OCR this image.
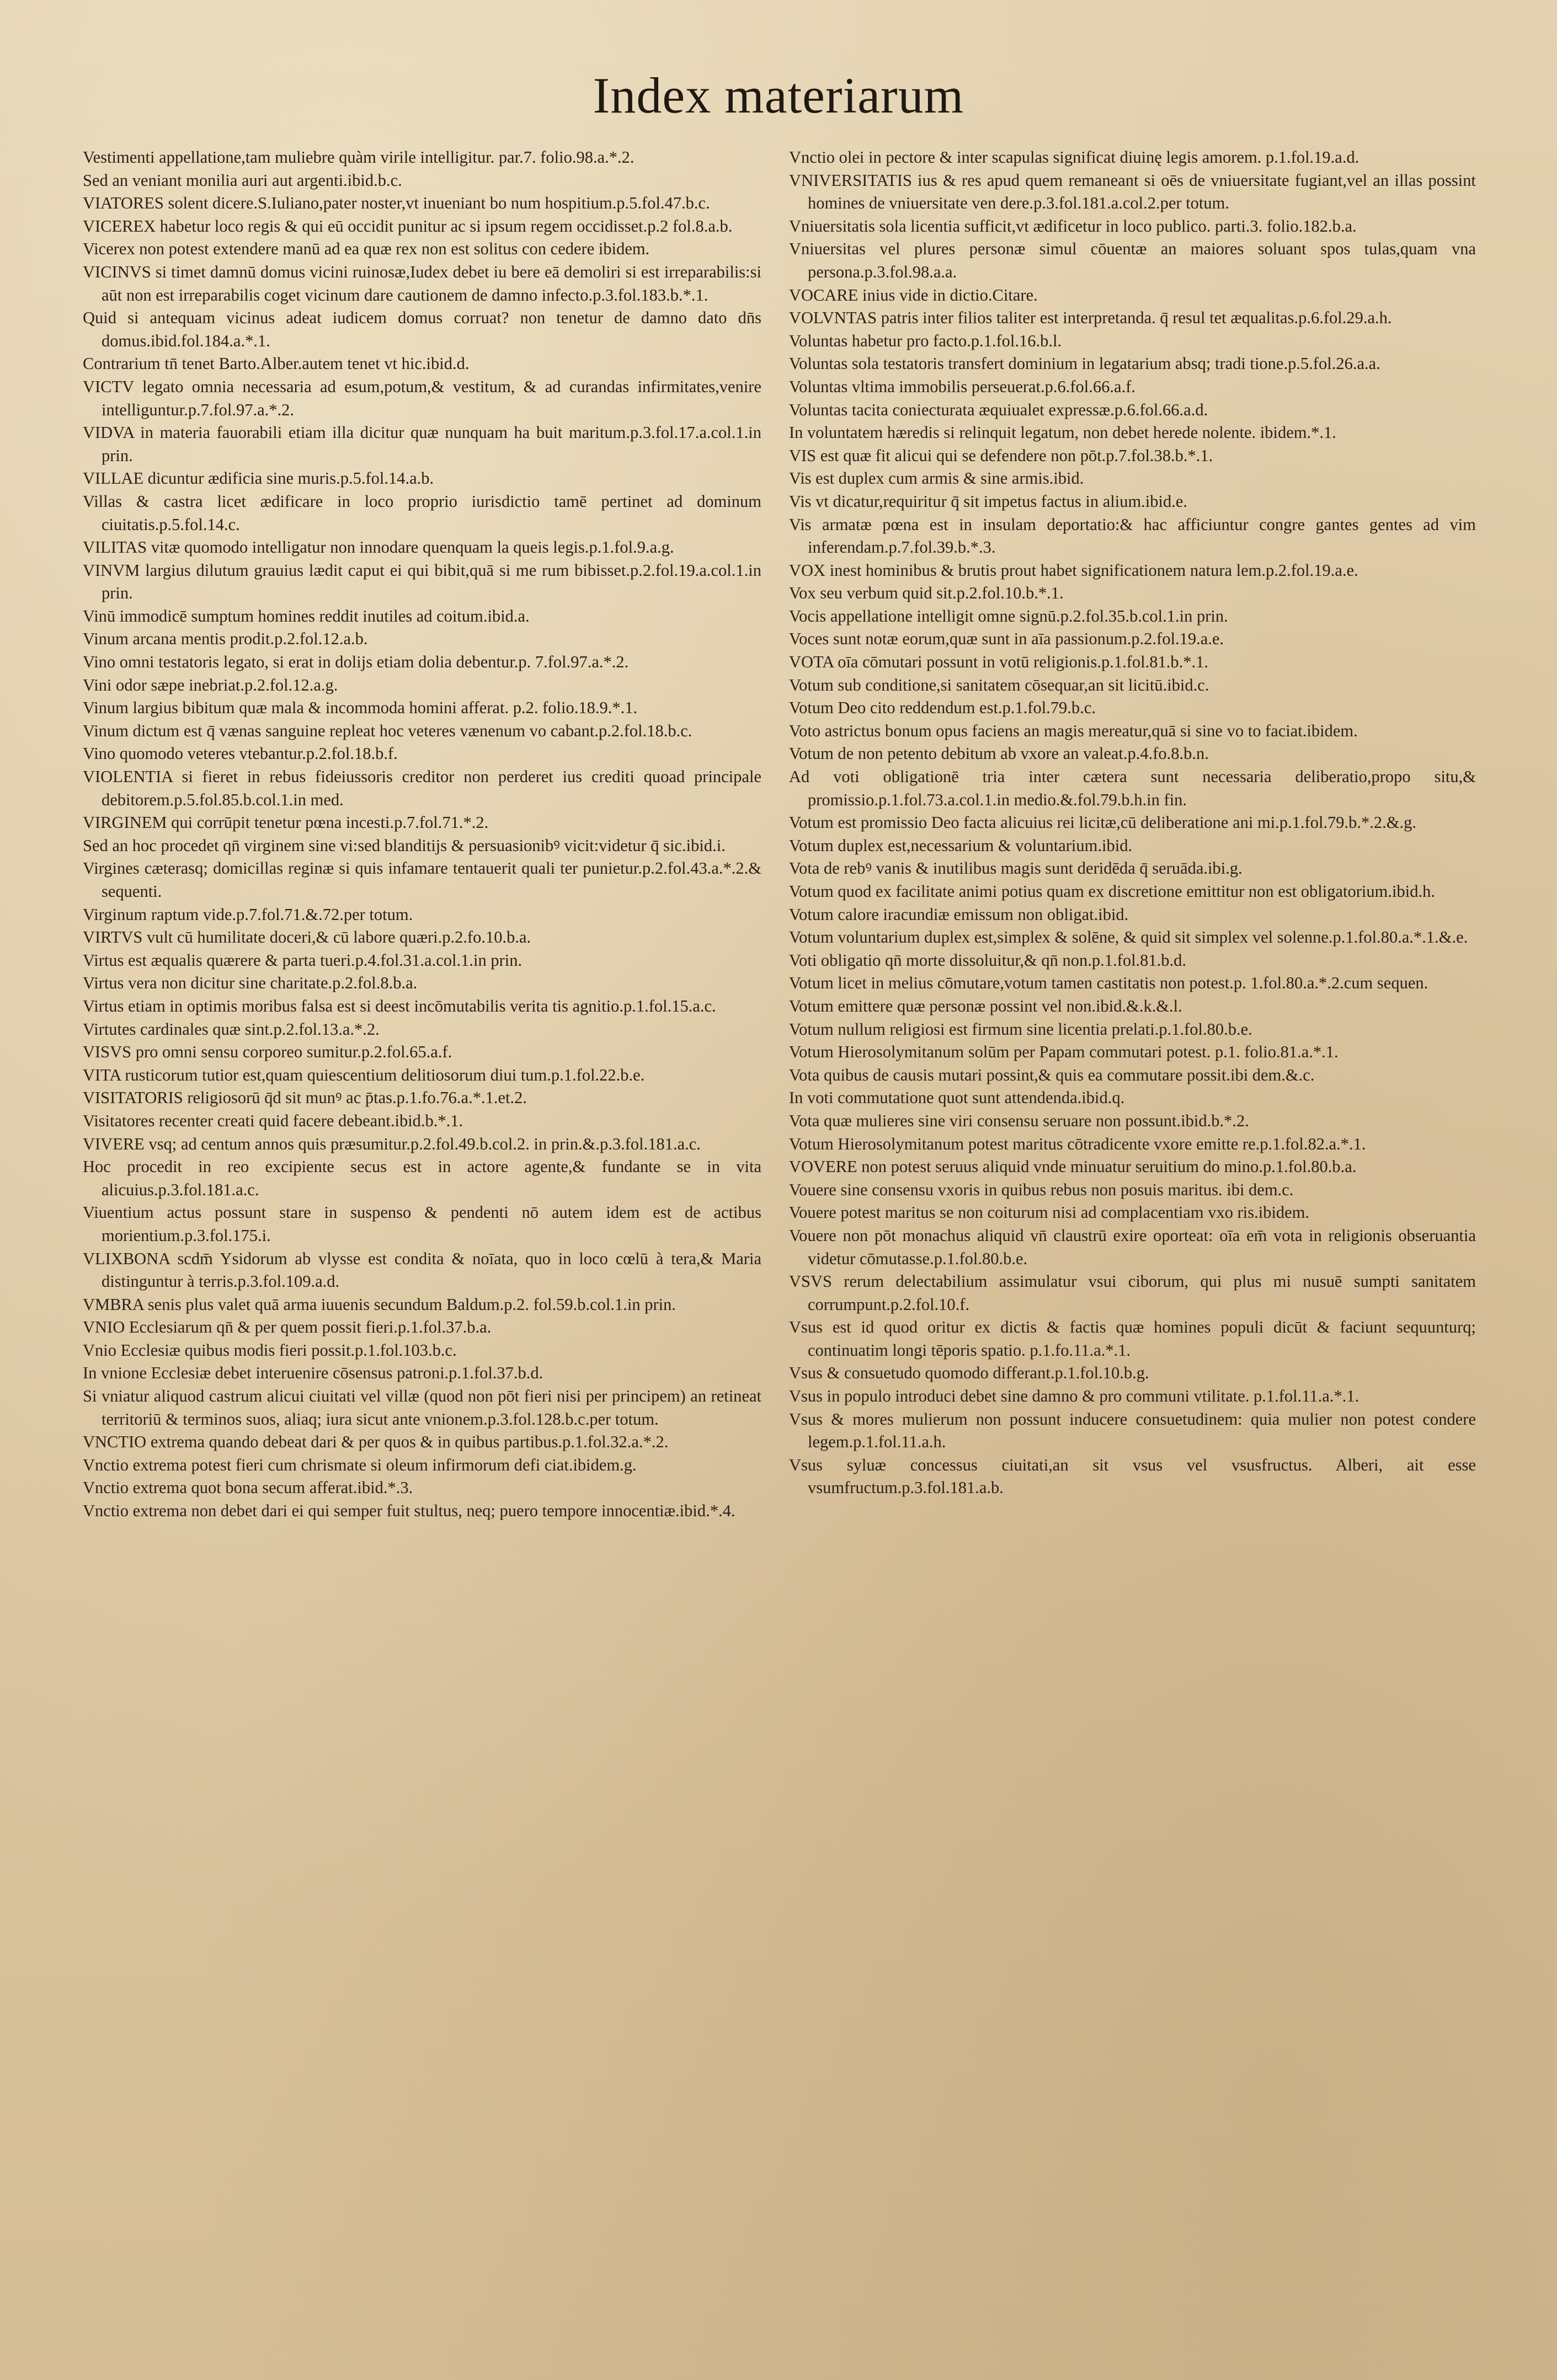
Index materiarum
Vestimenti appellatione,tam muliebre quàm virile intelligitur. par.7. folio.98.a.*.2.
Sed an veniant monilia auri aut argenti.ibid.b.c.
VIATORES solent dicere.S.Iuliano,pater noster,vt inueniant bo num hospitium.p.5.fol.47.b.c.
VICEREX habetur loco regis & qui eū occidit punitur ac si ipsum regem occidisset.p.2 fol.8.a.b.
Vicerex non potest extendere manū ad ea quæ rex non est solitus con cedere ibidem.
VICINVS si timet damnū domus vicini ruinosæ,Iudex debet iu bere eā demoliri si est irreparabilis:si aūt non est irreparabilis coget vicinum dare cautionem de damno infecto.p.3.fol.183.b.*.1.
Quid si antequam vicinus adeat iudicem domus corruat? non tenetur de damno dato dn̄s domus.ibid.fol.184.a.*.1.
Contrarium tn̄ tenet Barto.Alber.autem tenet vt hic.ibid.d.
VICTV legato omnia necessaria ad esum,potum,& vestitum, & ad curandas infirmitates,venire intelliguntur.p.7.fol.97.a.*.2.
VIDVA in materia fauorabili etiam illa dicitur quæ nunquam ha buit maritum.p.3.fol.17.a.col.1.in prin.
VILLAE dicuntur ædificia sine muris.p.5.fol.14.a.b.
Villas & castra licet ædificare in loco proprio iurisdictio tamē pertinet ad dominum ciuitatis.p.5.fol.14.c.
VILITAS vitæ quomodo intelligatur non innodare quenquam la queis legis.p.1.fol.9.a.g.
VINVM largius dilutum grauius lædit caput ei qui bibit,quā si me rum bibisset.p.2.fol.19.a.col.1.in prin.
Vinū immodicē sumptum homines reddit inutiles ad coitum.ibid.a.
Vinum arcana mentis prodit.p.2.fol.12.a.b.
Vino omni testatoris legato, si erat in dolijs etiam dolia debentur.p. 7.fol.97.a.*.2.
Vini odor sæpe inebriat.p.2.fol.12.a.g.
Vinum largius bibitum quæ mala & incommoda homini afferat. p.2. folio.18.9.*.1.
Vinum dictum est q̄ vænas sanguine repleat hoc veteres vænenum vo cabant.p.2.fol.18.b.c.
Vino quomodo veteres vtebantur.p.2.fol.18.b.f.
VIOLENTIA si fieret in rebus fideiussoris creditor non perderet ius crediti quoad principale debitorem.p.5.fol.85.b.col.1.in med.
VIRGINEM qui corrūpit tenetur pœna incesti.p.7.fol.71.*.2.
Sed an hoc procedet qn̄ virginem sine vi:sed blanditijs & persuasionibꝰ vicit:videtur q̄ sic.ibid.i.
Virgines cæterasq; domicillas reginæ si quis infamare tentauerit quali ter punietur.p.2.fol.43.a.*.2.& sequenti.
Virginum raptum vide.p.7.fol.71.&.72.per totum.
VIRTVS vult cū humilitate doceri,& cū labore quæri.p.2.fo.10.b.a.
Virtus est æqualis quærere & parta tueri.p.4.fol.31.a.col.1.in prin.
Virtus vera non dicitur sine charitate.p.2.fol.8.b.a.
Virtus etiam in optimis moribus falsa est si deest incōmutabilis verita tis agnitio.p.1.fol.15.a.c.
Virtutes cardinales quæ sint.p.2.fol.13.a.*.2.
VISVS pro omni sensu corporeo sumitur.p.2.fol.65.a.f.
VITA rusticorum tutior est,quam quiescentium delitiosorum diui tum.p.1.fol.22.b.e.
VISITATORIS religiosorū q̄d sit munꝰ ac p̄tas.p.1.fo.76.a.*.1.et.2.
Visitatores recenter creati quid facere debeant.ibid.b.*.1.
VIVERE vsq; ad centum annos quis præsumitur.p.2.fol.49.b.col.2. in prin.&.p.3.fol.181.a.c.
Hoc procedit in reo excipiente secus est in actore agente,& fundante se in vita alicuius.p.3.fol.181.a.c.
Viuentium actus possunt stare in suspenso & pendenti nō autem idem est de actibus morientium.p.3.fol.175.i.
VLIXBONA scdm̄ Ysidorum ab vlysse est condita & noīata, quo in loco cœlū à tera,& Maria distinguntur à terris.p.3.fol.109.a.d.
VMBRA senis plus valet quā arma iuuenis secundum Baldum.p.2. fol.59.b.col.1.in prin.
VNIO Ecclesiarum qn̄ & per quem possit fieri.p.1.fol.37.b.a.
Vnio Ecclesiæ quibus modis fieri possit.p.1.fol.103.b.c.
In vnione Ecclesiæ debet interuenire cōsensus patroni.p.1.fol.37.b.d.
Si vniatur aliquod castrum alicui ciuitati vel villæ (quod non pōt fieri nisi per principem) an retineat territoriū & terminos suos, aliaq; iura sicut ante vnionem.p.3.fol.128.b.c.per totum.
VNCTIO extrema quando debeat dari & per quos & in quibus partibus.p.1.fol.32.a.*.2.
Vnctio extrema potest fieri cum chrismate si oleum infirmorum defi ciat.ibidem.g.
Vnctio extrema quot bona secum afferat.ibid.*.3.
Vnctio extrema non debet dari ei qui semper fuit stultus, neq; puero tempore innocentiæ.ibid.*.4.
Vnctio olei in pectore & inter scapulas significat diuinę legis amorem. p.1.fol.19.a.d.
VNIVERSITATIS ius & res apud quem remaneant si oēs de vniuersitate fugiant,vel an illas possint homines de vniuersitate ven dere.p.3.fol.181.a.col.2.per totum.
Vniuersitatis sola licentia sufficit,vt ædificetur in loco publico. parti.3. folio.182.b.a.
Vniuersitas vel plures personæ simul cōuentæ an maiores soluant spos tulas,quam vna persona.p.3.fol.98.a.a.
VOCARE inius vide in dictio.Citare.
VOLVNTAS patris inter filios taliter est interpretanda. q̄ resul tet æqualitas.p.6.fol.29.a.h.
Voluntas habetur pro facto.p.1.fol.16.b.l.
Voluntas sola testatoris transfert dominium in legatarium absq; tradi tione.p.5.fol.26.a.a.
Voluntas vltima immobilis perseuerat.p.6.fol.66.a.f.
Voluntas tacita coniecturata æquiualet expressæ.p.6.fol.66.a.d.
In voluntatem hæredis si relinquit legatum, non debet herede nolente. ibidem.*.1.
VIS est quæ fit alicui qui se defendere non pōt.p.7.fol.38.b.*.1.
Vis est duplex cum armis & sine armis.ibid.
Vis vt dicatur,requiritur q̄ sit impetus factus in alium.ibid.e.
Vis armatæ pœna est in insulam deportatio:& hac afficiuntur congre gantes gentes ad vim inferendam.p.7.fol.39.b.*.3.
VOX inest hominibus & brutis prout habet significationem natura lem.p.2.fol.19.a.e.
Vox seu verbum quid sit.p.2.fol.10.b.*.1.
Vocis appellatione intelligit omne signū.p.2.fol.35.b.col.1.in prin.
Voces sunt notæ eorum,quæ sunt in aīa passionum.p.2.fol.19.a.e.
VOTA oīa cōmutari possunt in votū religionis.p.1.fol.81.b.*.1.
Votum sub conditione,si sanitatem cōsequar,an sit licitū.ibid.c.
Votum Deo cito reddendum est.p.1.fol.79.b.c.
Voto astrictus bonum opus faciens an magis mereatur,quā si sine vo to faciat.ibidem.
Votum de non petento debitum ab vxore an valeat.p.4.fo.8.b.n.
Ad voti obligationē tria inter cætera sunt necessaria deliberatio,propo situ,& promissio.p.1.fol.73.a.col.1.in medio.&.fol.79.b.h.in fin.
Votum est promissio Deo facta alicuius rei licitæ,cū deliberatione ani mi.p.1.fol.79.b.*.2.&.g.
Votum duplex est,necessarium & voluntarium.ibid.
Vota de rebꝰ vanis & inutilibus magis sunt deridēda q̄ seruāda.ibi.g.
Votum quod ex facilitate animi potius quam ex discretione emittitur non est obligatorium.ibid.h.
Votum calore iracundiæ emissum non obligat.ibid.
Votum voluntarium duplex est,simplex & solēne, & quid sit simplex vel solenne.p.1.fol.80.a.*.1.&.e.
Voti obligatio qn̄ morte dissoluitur,& qn̄ non.p.1.fol.81.b.d.
Votum licet in melius cōmutare,votum tamen castitatis non potest.p. 1.fol.80.a.*.2.cum sequen.
Votum emittere quæ personæ possint vel non.ibid.&.k.&.l.
Votum nullum religiosi est firmum sine licentia prelati.p.1.fol.80.b.e.
Votum Hierosolymitanum solūm per Papam commutari potest. p.1. folio.81.a.*.1.
Vota quibus de causis mutari possint,& quis ea commutare possit.ibi dem.&.c.
In voti commutatione quot sunt attendenda.ibid.q.
Vota quæ mulieres sine viri consensu seruare non possunt.ibid.b.*.2.
Votum Hierosolymitanum potest maritus cōtradicente vxore emitte re.p.1.fol.82.a.*.1.
VOVERE non potest seruus aliquid vnde minuatur seruitium do mino.p.1.fol.80.b.a.
Vouere sine consensu vxoris in quibus rebus non posuis maritus. ibi dem.c.
Vouere potest maritus se non coiturum nisi ad complacentiam vxo ris.ibidem.
Vouere non pōt monachus aliquid vn̄ claustrū exire oporteat: oīa em̄ vota in religionis obseruantia videtur cōmutasse.p.1.fol.80.b.e.
VSVS rerum delectabilium assimulatur vsui ciborum, qui plus mi nusuē sumpti sanitatem corrumpunt.p.2.fol.10.f.
Vsus est id quod oritur ex dictis & factis quæ homines populi dicūt & faciunt sequunturq; continuatim longi tēporis spatio. p.1.fo.11.a.*.1.
Vsus & consuetudo quomodo differant.p.1.fol.10.b.g.
Vsus in populo introduci debet sine damno & pro communi vtilitate. p.1.fol.11.a.*.1.
Vsus & mores mulierum non possunt inducere consuetudinem: quia mulier non potest condere legem.p.1.fol.11.a.h.
Vsus syluæ concessus ciuitati,an sit vsus vel vsusfructus. Alberi, ait esse vsumfructum.p.3.fol.181.a.b.
